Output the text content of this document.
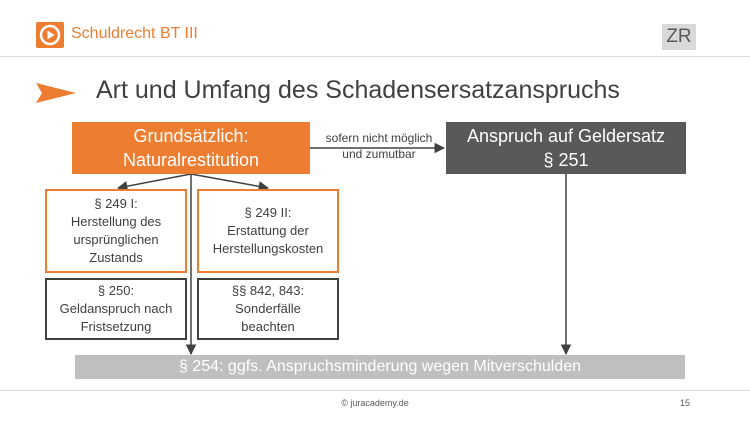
Schuldrecht BT III	ZR
Art und Umfang des Schadensersatzanspruchs
Grundsätzlich:
Naturalrestitution
sofern nicht möglich
und zumutbar
Anspruch auf Geldersatz
§ 251
§ 249 I:
Herstellung des
ursprünglichen
Zustands
§ 249 II:
Erstattung der
Herstellungskosten
§ 250:
Geldanspruch nach
Fristsetzung
§§ 842, 843:
Sonderfälle
beachten
§ 254: ggfs. Anspruchsminderung wegen Mitverschulden
© juracademy.de	15
